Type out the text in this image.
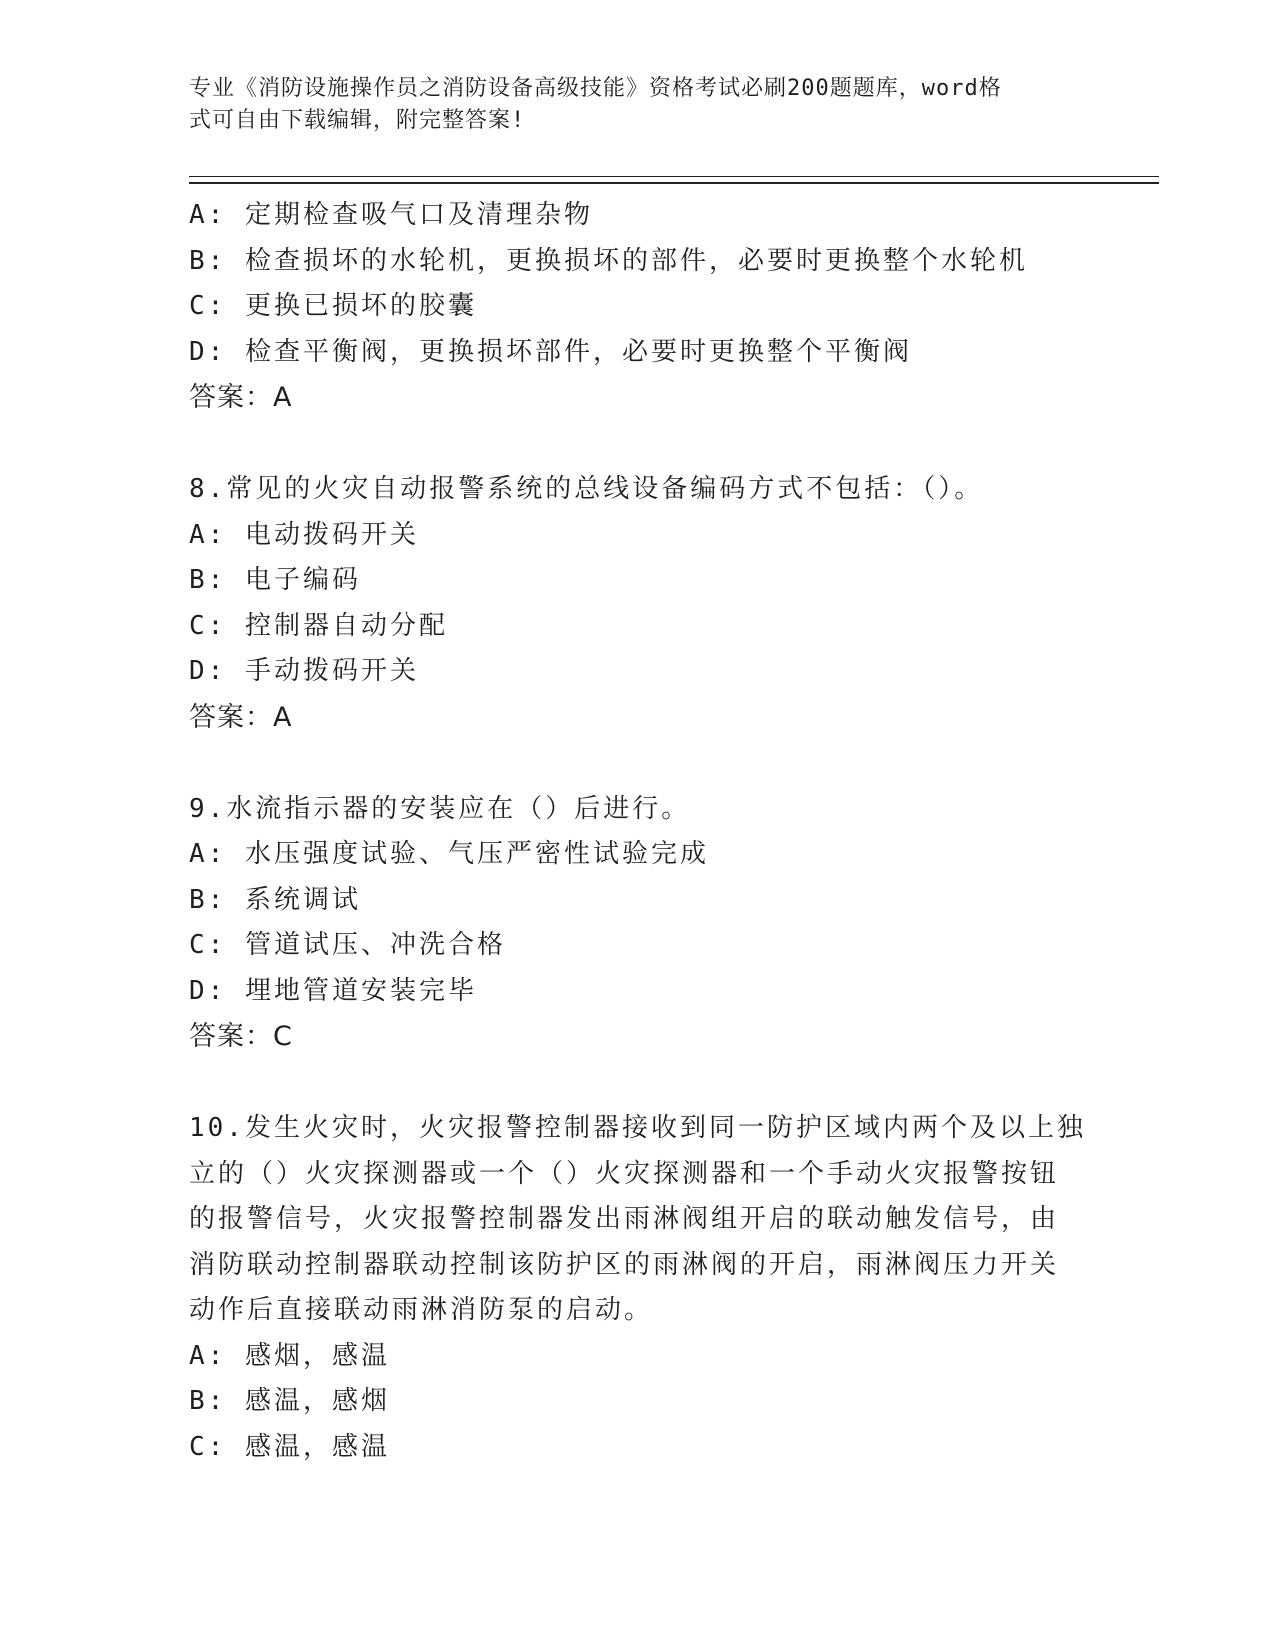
专业《消防设施操作员之消防设备高级技能》资格考试必刷200题题库，word格
式可自由下载编辑，附完整答案!
A: 定期检查吸气口及清理杂物
B: 检查损坏的水轮机，更换损坏的部件，必要时更换整个水轮机
C: 更换已损坏的胶囊
D: 检查平衡阀，更换损坏部件，必要时更换整个平衡阀
答案：A
8.常见的火灾自动报警系统的总线设备编码方式不包括：（）。
A: 电动拨码开关
B: 电子编码
C: 控制器自动分配
D: 手动拨码开关
答案：A
9.水流指示器的安装应在（）后进行。
A: 水压强度试验、气压严密性试验完成
B: 系统调试
C: 管道试压、冲洗合格
D: 埋地管道安装完毕
答案：C
10.发生火灾时，火灾报警控制器接收到同一防护区域内两个及以上独
立的（）火灾探测器或一个（）火灾探测器和一个手动火灾报警按钮
的报警信号，火灾报警控制器发出雨淋阀组开启的联动触发信号，由
消防联动控制器联动控制该防护区的雨淋阀的开启，雨淋阀压力开关
动作后直接联动雨淋消防泵的启动。
A: 感烟，感温
B: 感温，感烟
C: 感温，感温
